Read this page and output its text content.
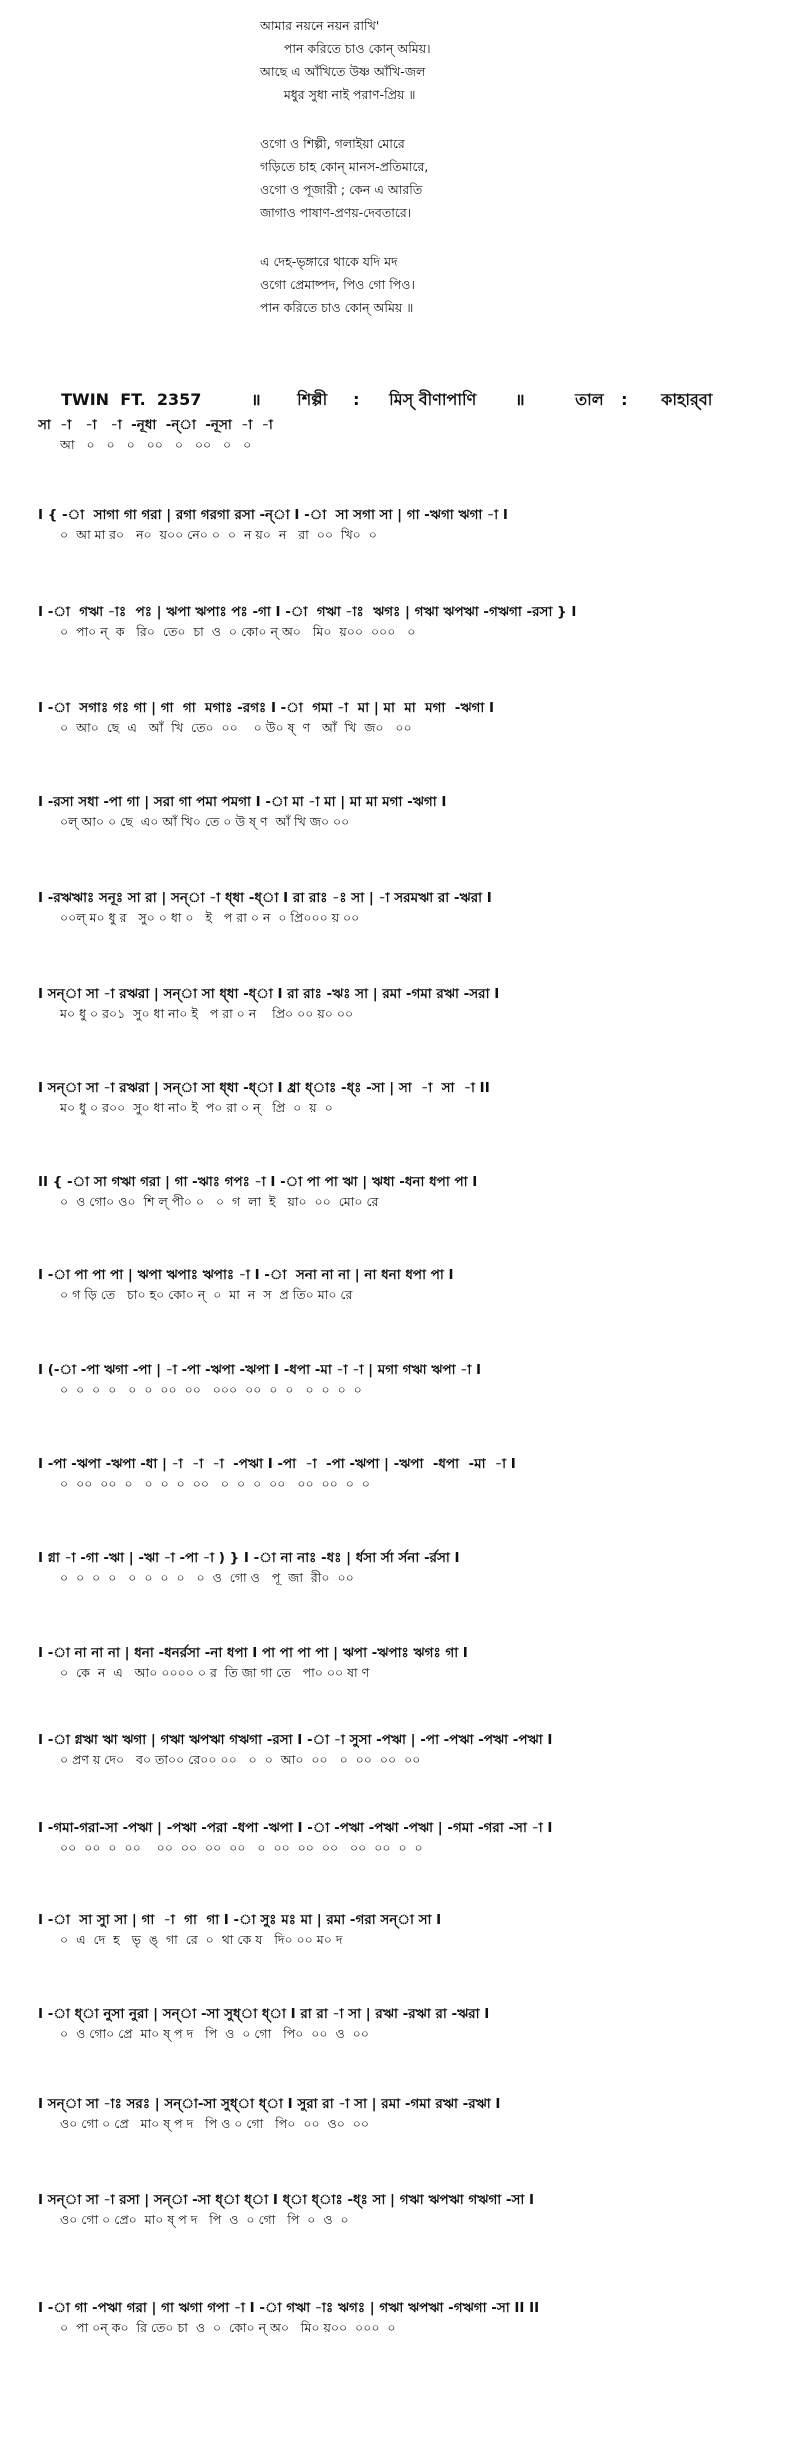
আমার নয়নে নয়ন রাখি'
পান করিতে চাও কোন্ অমিয়।
আছে এ আঁখিতে উষ্ণ আঁখি-জল
মধুর সুধা নাই পরাণ-প্রিয় ॥
ওগো ও শিল্পী, গলাইয়া মোরে
গড়িতে চাহ কোন্ মানস-প্রতিমারে,
ওগো ও পূজারী ; কেন এ আরতি
জাগাও পাষাণ-প্রণয়-দেবতারে।
এ দেহ-ভৃঙ্গারে থাকে যদি মদ
ওগো প্রেমাষ্পদ, পিও গো পিও।
পান করিতে চাও কোন্ অমিয় ॥

TWIN  FT.  2357	॥ শিল্পী : মিস্ বীণাপাণি ॥	তাল : কাহার্‌বা

সা  -া   -া   -া  -নূধা  -ন্া  -নূসা  -া  -া
আ   ০   ০   ০   ০০   ০   ০০   ০   ০
I { -া  সাগা গা গরা | রগা গরগা রসা -ন্া I -া  সা সগা সা | গা -ঋগা ঋগা -া I
০  আ মা র০   ন০  য়০০ নে০ ০  ০  ন য়০  ন   রা  ০০  খি০  ০
I -া  গঋা -াঃ  পঃ | ঋপা ঋপাঃ পঃ -গা I -া  গঋা -াঃ  ঋগঃ | গঋা ঋপঋা -গঋগা -রসা } I
০  পা০ ন্  ক   রি০  তে০  চা  ও  ০ কো০ ন্ অ০   মি০  য়০০  ০০০   ০
I -া  সগাঃ গঃ গা | গা  গা  মগাঃ -রগঃ I -া  গমা -া  মা | মা  মা  মগা  -ঋগা I
০  আ০  ছে  এ   আঁ  খি  তে০  ০০    ০ উ০ ষ্  ণ   আঁ  খি  জ০   ০০
I -রসা সধা -পা গা | সরা গা পমা পমগা I -া মা -া মা | মা মা মগা -ঋগা I
০ল্ আ০ ০ ছে  এ০ আঁ খি০ তে ০ উ ষ্ ণ  আঁ খি জ০ ০০
I -রঋঋাঃ সনূঃ সা রা | সন্া -া ধ্ধা -ধ্া I রা রাঃ -ঃ সা | -া সরমঋা রা -ঋরা I
০০ল্ ম০ ধু র   সু০ ০ ধা ০   ই   প রা ০ ন  ০ প্রি০০০ য় ০০
I সন্া সা -া রঋরা | সন্া সা ধ্ধা -ধ্া I রা রাঃ -ঋঃ সা | রমা -গমা রঋা -সরা I
ম০ ধু ০ র০১  সু০ ধা না০ ই   প রা ০ ন    প্রি০ ০০ য়০ ০০
I সন্া সা -া রঋরা | সন্া সা ধ্ধা -ধ্া I ধ্রা ধ্াঃ -ধ্ঃ -সা | সা  -া  সা  -া II
ম০ ধু ০ র০০  সু০ ধা না০ ই  প০ রা ০ ন্   প্রি  ০  য়  ০
II { -া সা গঋা গরা | গা -ঋাঃ গপঃ -া I -া পা পা ঋা | ঋধা -ধনা ধপা পা I
০  ও গো০ ও০  শি ল্ পী০ ০   ০  গ  লা  ই   য়া০  ০০  মো০ রে
I -া পা পা পা | ঋপা ঋপাঃ ঋপাঃ -া I -া  সনা না না | না ধনা ধপা পা I
০ গ ড়ি তে   চা০ হ০ কো০ ন্  ০  মা  ন  স  প্র তি০ মা০ রে
I (-া -পা ঋগা -পা | -া -পা -ঋপা -ঋপা I -ধপা -মা -া -া | মগা গঋা ঋপা -া I
০  ০  ০  ০   ০  ০  ০০  ০০   ০০০  ০০  ০  ০   ০  ০  ০  ০
I -পা -ঋপা -ঋপা -ধা | -া  -া  -া  -পঋা I -পা  -া  -পা -ঋপা | -ঋপা  -ধপা  -মা  -া I
০  ০০  ০০  ০   ০  ০  ০  ০০   ০  ০  ০  ০০   ০০  ০০  ০  ০
I গ্না -া -গা -ঋা | -ঋা -া -পা -া ) } I -া না নাঃ -ধঃ | র্ধসা র্সা র্সনা -র্রসা I
০  ০  ০  ০   ০  ০  ০  ০   ০  ও  গো ও   পূ  জা  রী০  ০০
I -া না না না | ধনা -ধনর্রসা -না ধপা I পা পা পা পা | ঋপা -ঋপাঃ ঋগঃ গা I
০  কে  ন  এ   আ০ ০০০০ ০ র  তি জা গা তে   পা০ ০০ ষা ণ
I -া গ্নঋা ঋা ঋগা | গঋা ঋপঋা গঋগা -রসা I -া -া সুসা -পঋা | -পা -পঋা -পঋা -পঋা I
০ প্রণ য় দে০   ব০ তা০০ রে০০ ০০   ০  ০  আ০  ০০   ০  ০০  ০০  ০০
I -গমা-গরা-সা -পঋা | -পঋা -পরা -ধপা -ঋপা I -া -পঋা -পঋা -পঋা | -গমা -গরা -সা -া I
০০  ০০  ০  ০০    ০০  ০০  ০০  ০০   ০  ০০  ০০  ০০   ০০  ০০  ০  ০
I -া  সা সুা সা | গা  -া  গা  গা I -া সুঃ মঃ মা | রমা -গরা সন্া সা I
০  এ  দে  হ   ভৃ  ঙ্  গা  রে  ০  থা কে য   দি০ ০০ ম০ দ
I -া ধ্া নুসা নুরা | সন্া -সা সুধ্া ধ্া I রা রা -া সা | রঋা -রঋা রা -ঋরা I
০  ও গো০ প্রে  মা০ ষ্ প দ   পি  ও  ০ গো   পি০  ০০  ও  ০০
I সন্া সা -াঃ সরঃ | সন্া-সা সুধ্া ধ্া I সুরা রা -া সা | রমা -গমা রঋা -রঋা I
ও০ গো ০ প্রে   মা০ ষ্ প দ   পি ও ০ গো   পি০  ০০  ও০  ০০
I সন্া সা -া রসা | সন্া -সা ধ্া ধ্া I ধ্া ধ্াঃ -ধ্ঃ সা | গঋা ঋপঋা গঋগা -সা I
ও০ গো ০ প্রে০  মা০ ষ্ প দ   পি  ও  ০ গো   পি  ০  ও  ০
I -া গা -পঋা গরা | গা ঋগা গপা -া I -া গঋা -াঃ ঋগঃ | গঋা ঋপঋা -গঋগা -সা II II
০  পা ০ন্ ক০  রি তে০ চা  ও  ০  কো০ ন্ অ০   মি০ য়০০  ০০০  ০
